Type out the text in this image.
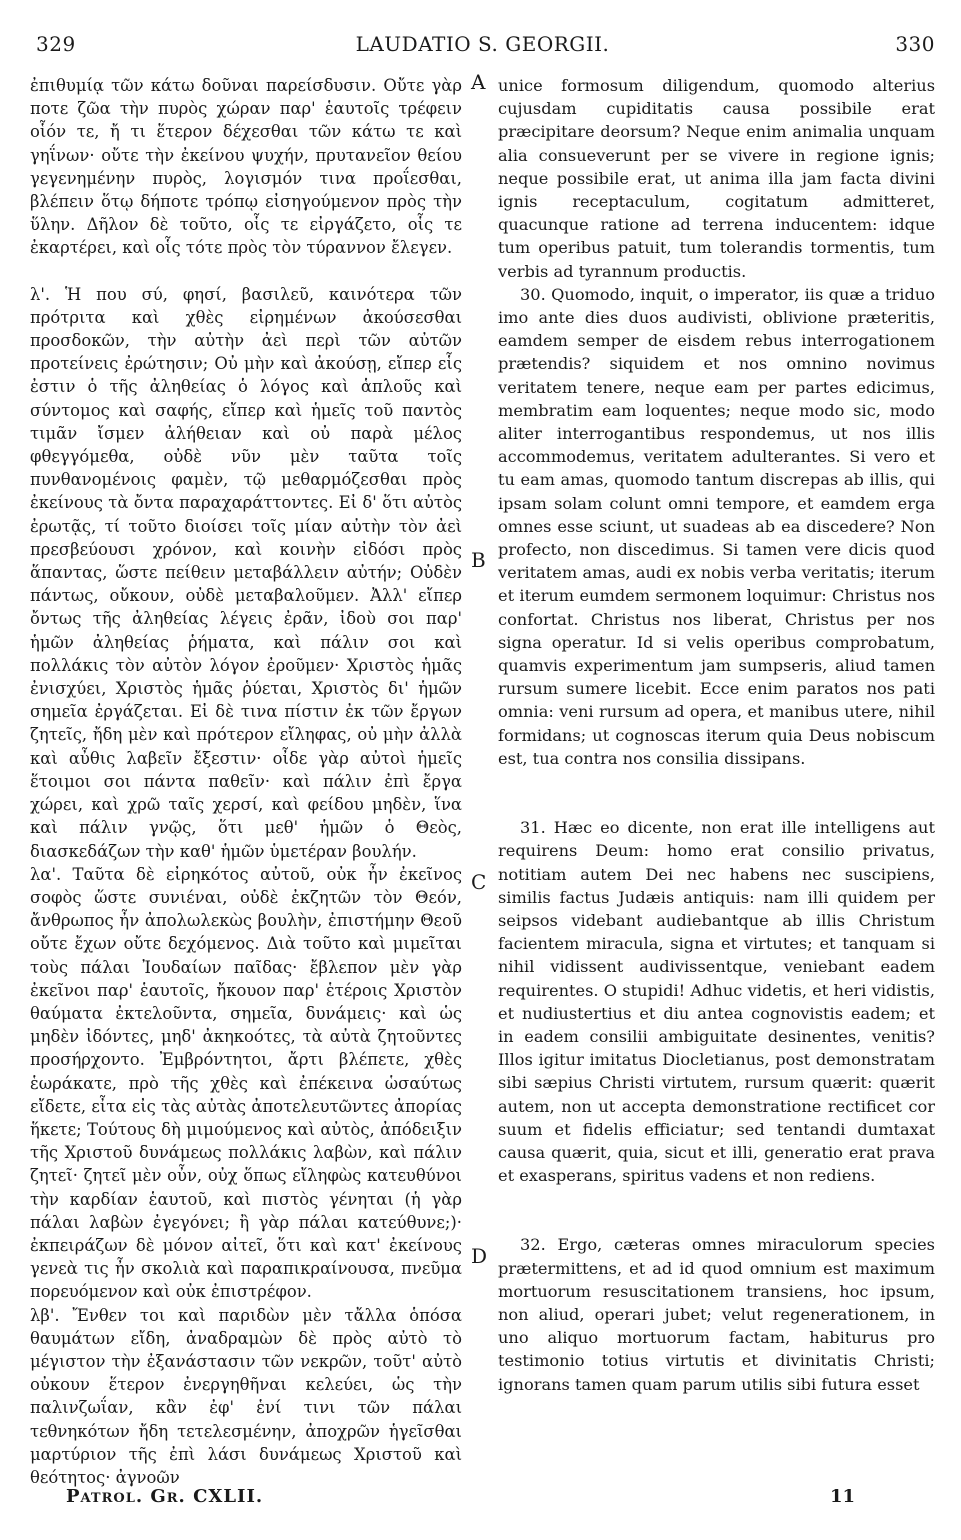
329	LAUDATIO S. GEORGII.	330

ἐπιθυμίᾳ τῶν κάτω δοῦναι παρείσδυσιν. Οὔτε γὰρ ποτε ζῶα τὴν πυρὸς χώραν παρ' ἑαυτοῖς τρέφειν οἷόν τε, ἤ τι ἕτερον δέχεσθαι τῶν κάτω τε καὶ γηΐνων· οὔτε τὴν ἐκείνου ψυχήν, πρυτανεῖον θείου γεγενημένην πυρὸς, λογισμόν τινα προΐεσθαι, βλέπειν ὅτῳ δήποτε τρόπῳ εἰσηγούμενον πρὸς τὴν ὕλην. Δῆλον δὲ τοῦτο, οἷς τε εἰργάζετο, οἷς τε ἐκαρτέρει, καὶ οἷς τότε πρὸς τὸν τύραννον ἔλεγεν.

λ'. Ἡ που σύ, φησί, βασιλεῦ, καινότερα τῶν πρότριτα καὶ χθὲς εἰρημένων ἀκούσεσθαι προσδοκῶν, τὴν αὐτὴν ἀεὶ περὶ τῶν αὐτῶν προτείνεις ἐρώτησιν; Οὐ μὴν καὶ ἀκούσῃ, εἴπερ εἷς ἐστιν ὁ τῆς ἀληθείας ὁ λόγος καὶ ἁπλοῦς καὶ σύντομος καὶ σαφής, εἴπερ καὶ ἡμεῖς τοῦ παντὸς τιμᾶν ἴσμεν ἀλήθειαν καὶ οὐ παρὰ μέλος φθεγγόμεθα, οὐδὲ νῦν μὲν ταῦτα τοῖς πυνθανομένοις φαμὲν, τῷ μεθαρμόζεσθαι πρὸς ἐκείνους τὰ ὄντα παραχαράττοντες. Εἰ δ' ὅτι αὐτὸς ἐρωτᾷς, τί τοῦτο διοίσει τοῖς μίαν αὐτὴν τὸν ἀεὶ πρεσβεύουσι χρόνον, καὶ κοινὴν εἰδόσι πρὸς ἅπαντας, ὥστε πείθειν μεταβάλλειν αὐτήν; Οὐδὲν πάντως, οὔκουν, οὐδὲ μεταβαλοῦμεν. Ἀλλ' εἴπερ ὄντως τῆς ἀληθείας λέγεις ἐρᾶν, ἰδοὺ σοι παρ' ἡμῶν ἀληθείας ῥήματα, καὶ πάλιν σοι καὶ πολλάκις τὸν αὐτὸν λόγον ἐροῦμεν· Χριστὸς ἡμᾶς ἐνισχύει, Χριστὸς ἡμᾶς ῥύεται, Χριστὸς δι' ἡμῶν σημεῖα ἐργάζεται. Εἰ δὲ τινα πίστιν ἐκ τῶν ἔργων ζητεῖς, ἤδη μὲν καὶ πρότερον εἴληφας, οὐ μὴν ἀλλὰ καὶ αὖθις λαβεῖν ἔξεστιν· οἶδε γὰρ αὐτοὶ ἡμεῖς ἕτοιμοι σοι πάντα παθεῖν· καὶ πάλιν ἐπὶ ἔργα χώρει, καὶ χρῶ ταῖς χερσί, καὶ φείδου μηδὲν, ἵνα καὶ πάλιν γνῷς, ὅτι μεθ' ἡμῶν ὁ Θεὸς, διασκεδάζων τὴν καθ' ἡμῶν ὑμετέραν βουλήν.

λα'. Ταῦτα δὲ εἰρηκότος αὐτοῦ, οὐκ ἦν ἐκεῖνος σοφὸς ὥστε συνιέναι, οὐδὲ ἐκζητῶν τὸν Θεόν, ἄνθρωπος ἦν ἀπολωλεκὼς βουλὴν, ἐπιστήμην Θεοῦ οὔτε ἔχων οὔτε δεχόμενος. Διὰ τοῦτο καὶ μιμεῖται τοὺς πάλαι Ἰουδαίων παῖδας· ἔβλεπον μὲν γὰρ ἐκεῖνοι παρ' ἑαυτοῖς, ἤκουον παρ' ἑτέροις Χριστὸν θαύματα ἐκτελοῦντα, σημεῖα, δυνάμεις· καὶ ὡς μηδὲν ἰδόντες, μηδ' ἀκηκοότες, τὰ αὐτὰ ζητοῦντες προσήρχοντο. Ἐμβρόντητοι, ἄρτι βλέπετε, χθὲς ἑωράκατε, πρὸ τῆς χθὲς καὶ ἐπέκεινα ὡσαύτως εἴδετε, εἶτα εἰς τὰς αὐτὰς ἀποτελευτῶντες ἀπορίας ἥκετε; Τούτους δὴ μιμούμενος καὶ αὐτὸς, ἀπόδειξιν τῆς Χριστοῦ δυνάμεως πολλάκις λαβὼν, καὶ πάλιν ζητεῖ· ζητεῖ μὲν οὖν, οὐχ ὅπως εἴληφὼς κατευθύνοι τὴν καρδίαν ἑαυτοῦ, καὶ πιστὸς γένηται (ἡ γὰρ πάλαι λαβὼν ἐγεγόνει; ἢ γὰρ πάλαι κατεύθυνε;)· ἐκπειράζων δὲ μόνον αἰτεῖ, ὅτι καὶ κατ' ἐκείνους γενεὰ τις ἦν σκολιὰ καὶ παραπικραίνουσα, πνεῦμα πορευόμενον καὶ οὐκ ἐπιστρέφον.

λβ'. Ἔνθεν τοι καὶ παριδὼν μὲν τἄλλα ὁπόσα θαυμάτων εἴδη, ἀναδραμὼν δὲ πρὸς αὐτὸ τὸ μέγιστον τὴν ἐξανάστασιν τῶν νεκρῶν, τοῦτ' αὐτὸ οὐκουν ἕτερον ἐνεργηθῆναι κελεύει, ὡς τὴν παλινζωΐαν, κἂν ἐφ' ἑνί τινι τῶν πάλαι τεθνηκότων ἤδη τετελεσμένην, ἀποχρῶν ἡγεῖσθαι μαρτύριον τῆς ἐπὶ λάσι δυνάμεως Χριστοῦ καὶ θεότητος· ἀγνοῶν

A
B
C
D

unice formosum diligendum, quomodo alterius cujusdam cupiditatis causa possibile erat præcipitare deorsum? Neque enim animalia unquam alia consueverunt per se vivere in regione ignis; neque possibile erat, ut anima illa jam facta divini ignis receptaculum, cogitatum admitteret, quacunque ratione ad terrena inducentem: idque tum operibus patuit, tum tolerandis tormentis, tum verbis ad tyrannum productis.

30. Quomodo, inquit, o imperator, iis quæ a triduo imo ante dies duos audivisti, oblivione præteritis, eamdem semper de eisdem rebus interrogationem prætendis? siquidem et nos omnino novimus veritatem tenere, neque eam per partes edicimus, membratim eam loquentes; neque modo sic, modo aliter interrogantibus respondemus, ut nos illis accommodemus, veritatem adulterantes. Si vero et tu eam amas, quomodo tantum discrepas ab illis, qui ipsam solam colunt omni tempore, et eamdem erga omnes esse sciunt, ut suadeas ab ea discedere? Non profecto, non discedimus. Si tamen vere dicis quod veritatem amas, audi ex nobis verba veritatis; iterum et iterum eumdem sermonem loquimur: Christus nos confortat. Christus nos liberat, Christus per nos signa operatur. Id si velis operibus comprobatum, quamvis experimentum jam sumpseris, aliud tamen rursum sumere licebit. Ecce enim paratos nos pati omnia: veni rursum ad opera, et manibus utere, nihil formidans; ut cognoscas iterum quia Deus nobiscum est, tua contra nos consilia dissipans.

31. Hæc eo dicente, non erat ille intelligens aut requirens Deum: homo erat consilio privatus, notitiam autem Dei nec habens nec suscipiens, similis factus Judæis antiquis: nam illi quidem per seipsos videbant audiebantque ab illis Christum facientem miracula, signa et virtutes; et tanquam si nihil vidissent audivissentque, veniebant eadem requirentes. O stupidi! Adhuc videtis, et heri vidistis, et nudiustertius et diu antea cognovistis eadem; et in eadem consilii ambiguitate desinentes, venitis? Illos igitur imitatus Diocletianus, post demonstratam sibi sæpius Christi virtutem, rursum quærit: quærit autem, non ut accepta demonstratione rectificet cor suum et fidelis efficiatur; sed tentandi dumtaxat causa quærit, quia, sicut et illi, generatio erat prava et exasperans, spiritus vadens et non rediens.

32. Ergo, cæteras omnes miraculorum species prætermittens, et ad id quod omnium est maximum mortuorum resuscitationem transiens, hoc ipsum, non aliud, operari jubet; velut regenerationem, in uno aliquo mortuorum factam, habiturus pro testimonio totius virtutis et divinitatis Christi; ignorans tamen quam parum utilis sibi futura esset

Patrol. Gr. CXLII.	11
